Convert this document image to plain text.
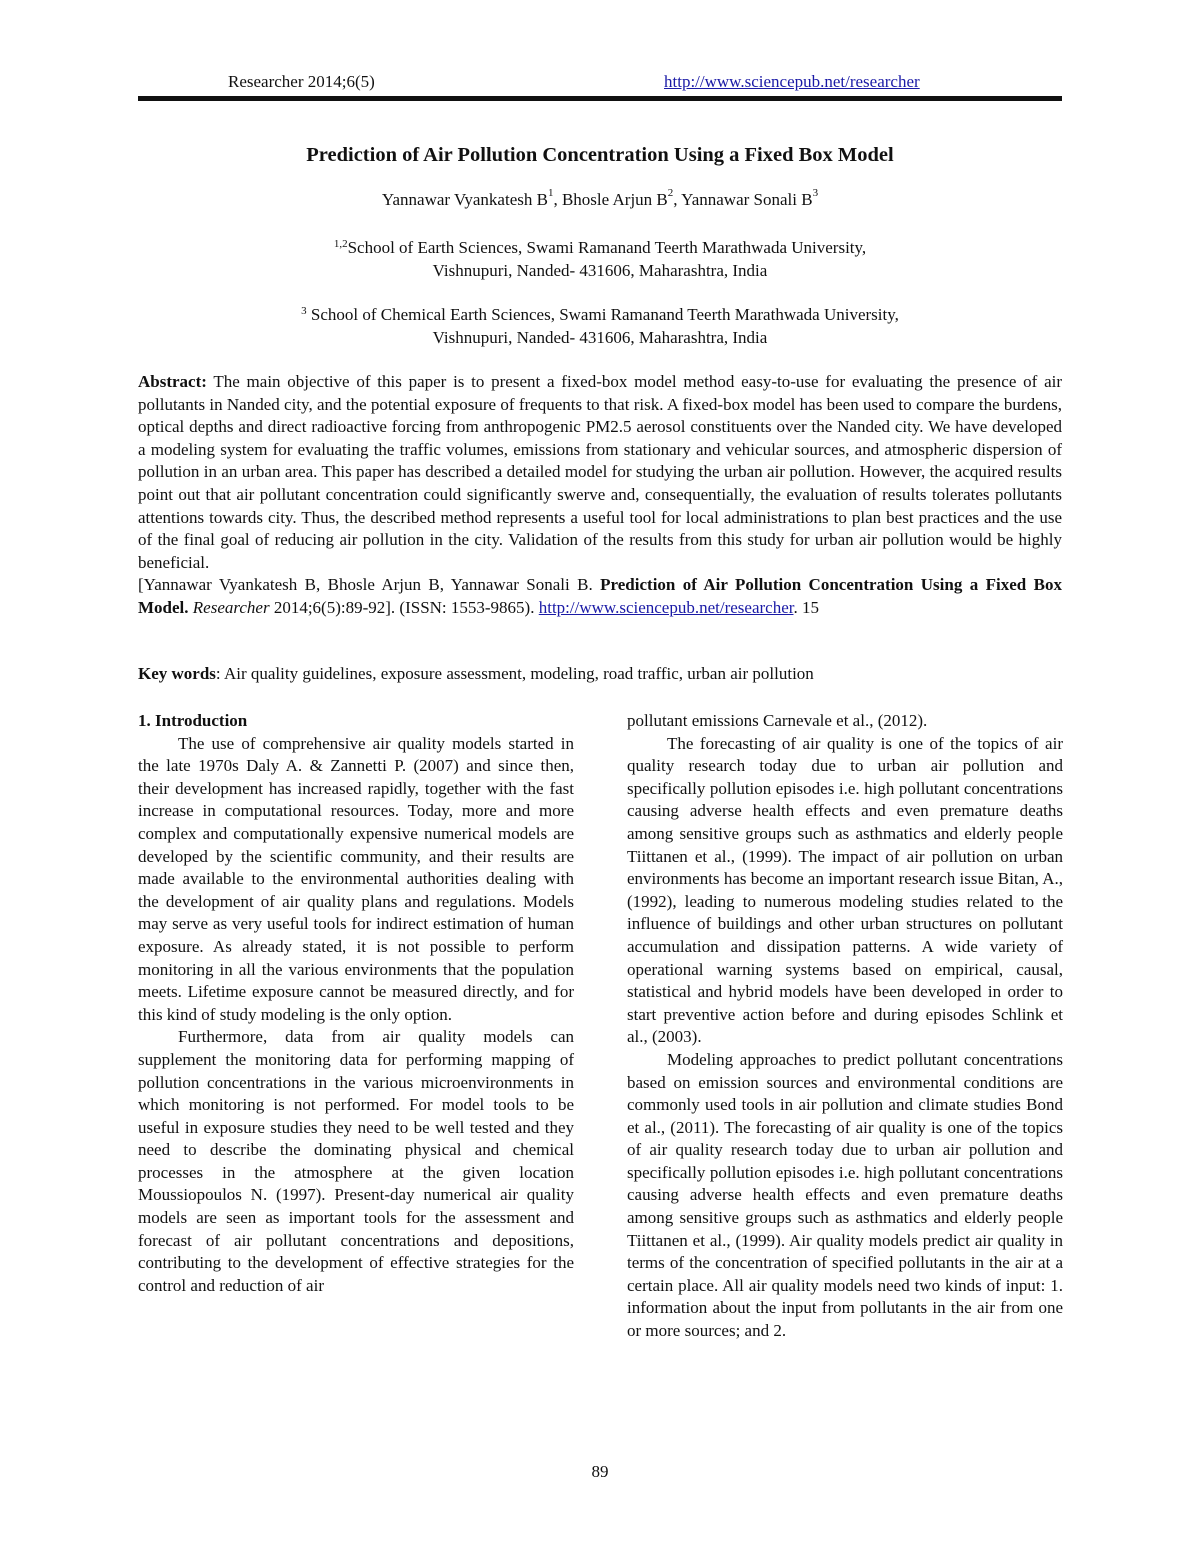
Researcher 2014;6(5)	http://www.sciencepub.net/researcher
Prediction of Air Pollution Concentration Using a Fixed Box Model
Yannawar Vyankatesh $B^1$, Bhosle Arjun $B^2$, Yannawar Sonali $B^3$
$^{1,2}$School of Earth Sciences, Swami Ramanand Teerth Marathwada University,
Vishnupuri, Nanded- 431606, Maharashtra, India
$^3$ School of Chemical Earth Sciences, Swami Ramanand Teerth Marathwada University,
Vishnupuri, Nanded- 431606, Maharashtra, India
Abstract: The main objective of this paper is to present a fixed-box model method easy-to-use for evaluating the presence of air pollutants in Nanded city, and the potential exposure of frequents to that risk. A fixed-box model has been used to compare the burdens, optical depths and direct radioactive forcing from anthropogenic PM2.5 aerosol constituents over the Nanded city. We have developed a modeling system for evaluating the traffic volumes, emissions from stationary and vehicular sources, and atmospheric dispersion of pollution in an urban area. This paper has described a detailed model for studying the urban air pollution. However, the acquired results point out that air pollutant concentration could significantly swerve and, consequentially, the evaluation of results tolerates pollutants attentions towards city. Thus, the described method represents a useful tool for local administrations to plan best practices and the use of the final goal of reducing air pollution in the city. Validation of the results from this study for urban air pollution would be highly beneficial.
[Yannawar Vyankatesh B, Bhosle Arjun B, Yannawar Sonali B. Prediction of Air Pollution Concentration Using a Fixed Box Model. Researcher 2014;6(5):89-92]. (ISSN: 1553-9865). http://www.sciencepub.net/researcher. 15
Key words: Air quality guidelines, exposure assessment, modeling, road traffic, urban air pollution
1. Introduction

The use of comprehensive air quality models started in the late 1970s Daly A. & Zannetti P. (2007) and since then, their development has increased rapidly, together with the fast increase in computational resources. Today, more and more complex and computationally expensive numerical models are developed by the scientific community, and their results are made available to the environmental authorities dealing with the development of air quality plans and regulations. Models may serve as very useful tools for indirect estimation of human exposure. As already stated, it is not possible to perform monitoring in all the various environments that the population meets. Lifetime exposure cannot be measured directly, and for this kind of study modeling is the only option.

Furthermore, data from air quality models can supplement the monitoring data for performing mapping of pollution concentrations in the various microenvironments in which monitoring is not performed. For model tools to be useful in exposure studies they need to be well tested and they need to describe the dominating physical and chemical processes in the atmosphere at the given location Moussiopoulos N. (1997). Present-day numerical air quality models are seen as important tools for the assessment and forecast of air pollutant concentrations and depositions, contributing to the development of effective strategies for the control and reduction of air

pollutant emissions Carnevale et al., (2012).

The forecasting of air quality is one of the topics of air quality research today due to urban air pollution and specifically pollution episodes i.e. high pollutant concentrations causing adverse health effects and even premature deaths among sensitive groups such as asthmatics and elderly people Tiittanen et al., (1999). The impact of air pollution on urban environments has become an important research issue Bitan, A., (1992), leading to numerous modeling studies related to the influence of buildings and other urban structures on pollutant accumulation and dissipation patterns. A wide variety of operational warning systems based on empirical, causal, statistical and hybrid models have been developed in order to start preventive action before and during episodes Schlink et al., (2003).

Modeling approaches to predict pollutant concentrations based on emission sources and environmental conditions are commonly used tools in air pollution and climate studies Bond et al., (2011). The forecasting of air quality is one of the topics of air quality research today due to urban air pollution and specifically pollution episodes i.e. high pollutant concentrations causing adverse health effects and even premature deaths among sensitive groups such as asthmatics and elderly people Tiittanen et al., (1999). Air quality models predict air quality in terms of the concentration of specified pollutants in the air at a certain place. All air quality models need two kinds of input: 1. information about the input from pollutants in the air from one or more sources; and 2.

89
